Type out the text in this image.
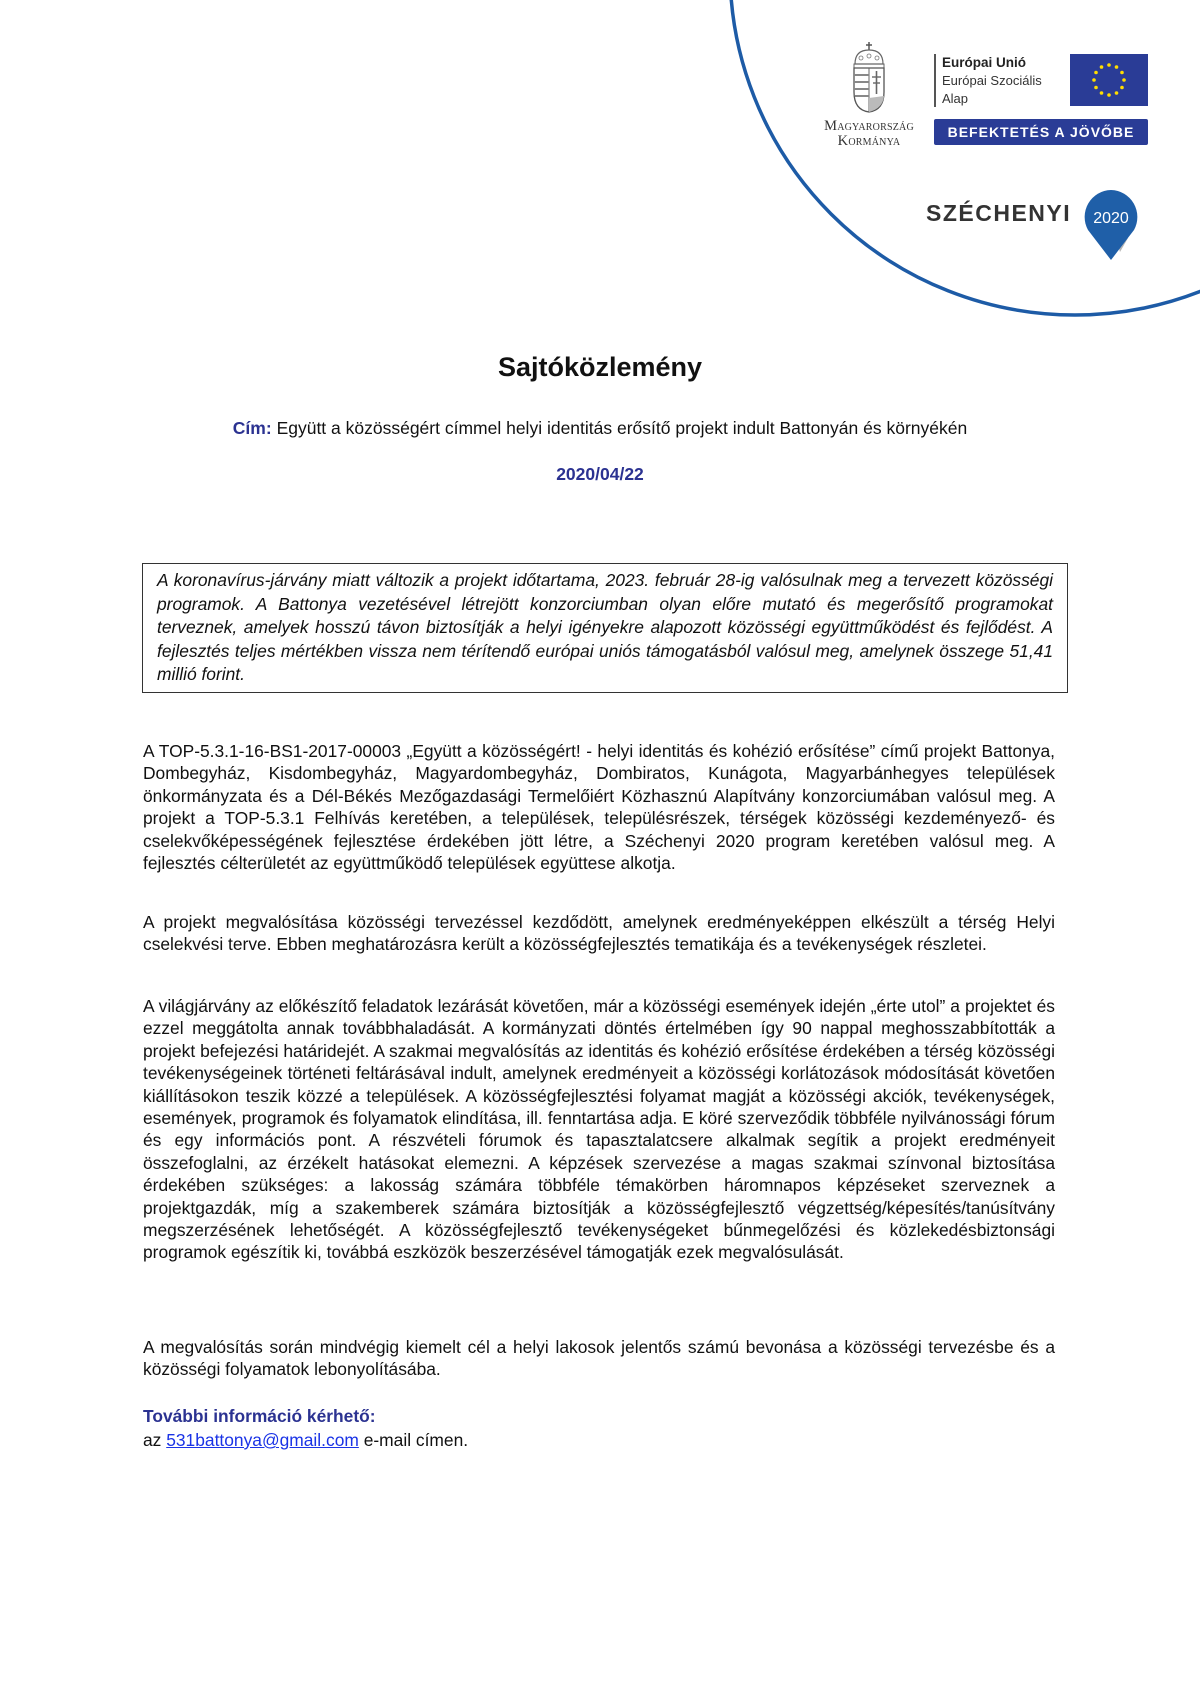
Magyarország
Kormánya
Európai Unió
Európai Szociális
Alap
BEFEKTETÉS A JÖVŐBE
SZÉCHENYI 2020
Sajtóközlemény
Cím: Együtt a közösségért címmel helyi identitás erősítő projekt indult Battonyán és környékén
2020/04/22

A koronavírus-járvány miatt változik a projekt időtartama, 2023. február 28-ig valósulnak meg a tervezett közösségi programok. A Battonya vezetésével létrejött konzorciumban olyan előre mutató és megerősítő programokat terveznek, amelyek hosszú távon biztosítják a helyi igényekre alapozott közösségi együttműködést és fejlődést. A fejlesztés teljes mértékben vissza nem térítendő európai uniós támogatásból valósul meg, amelynek összege 51,41 millió forint.

A TOP-5.3.1-16-BS1-2017-00003 „Együtt a közösségért! - helyi identitás és kohézió erősítése” című projekt Battonya, Dombegyház, Kisdombegyház, Magyardombegyház, Dombiratos, Kunágota, Magyarbánhegyes települések önkormányzata és a Dél-Békés Mezőgazdasági Termelőiért Közhasznú Alapítvány konzorciumában valósul meg. A projekt a TOP-5.3.1 Felhívás keretében, a települések, településrészek, térségek közösségi kezdeményező- és cselekvőképességének fejlesztése érdekében jött létre, a Széchenyi 2020 program keretében valósul meg. A fejlesztés célterületét az együttműködő települések együttese alkotja.

A projekt megvalósítása közösségi tervezéssel kezdődött, amelynek eredményeképpen elkészült a térség Helyi cselekvési terve. Ebben meghatározásra került a közösségfejlesztés tematikája és a tevékenységek részletei.

A világjárvány az előkészítő feladatok lezárását követően, már a közösségi események idején „érte utol” a projektet és ezzel meggátolta annak továbbhaladását. A kormányzati döntés értelmében így 90 nappal meghosszabbították a projekt befejezési határidejét. A szakmai megvalósítás az identitás és kohézió erősítése érdekében a térség közösségi tevékenységeinek történeti feltárásával indult, amelynek eredményeit a közösségi korlátozások módosítását követően kiállításokon teszik közzé a települések. A közösségfejlesztési folyamat magját a közösségi akciók, tevékenységek, események, programok és folyamatok elindítása, ill. fenntartása adja. E köré szerveződik többféle nyilvánossági fórum és egy információs pont. A részvételi fórumok és tapasztalatcsere alkalmak segítik a projekt eredményeit összefoglalni, az érzékelt hatásokat elemezni. A képzések szervezése a magas szakmai színvonal biztosítása érdekében szükséges: a lakosság számára többféle témakörben háromnapos képzéseket szerveznek a projektgazdák, míg a szakemberek számára biztosítják a közösségfejlesztő végzettség/képesítés/tanúsítvány megszerzésének lehetőségét. A közösségfejlesztő tevékenységeket bűnmegelőzési és közlekedésbiztonsági programok egészítik ki, továbbá eszközök beszerzésével támogatják ezek megvalósulását.

A megvalósítás során mindvégig kiemelt cél a helyi lakosok jelentős számú bevonása a közösségi tervezésbe és a közösségi folyamatok lebonyolításába.

További információ kérhető:
az 531battonya@gmail.com e-mail címen.
